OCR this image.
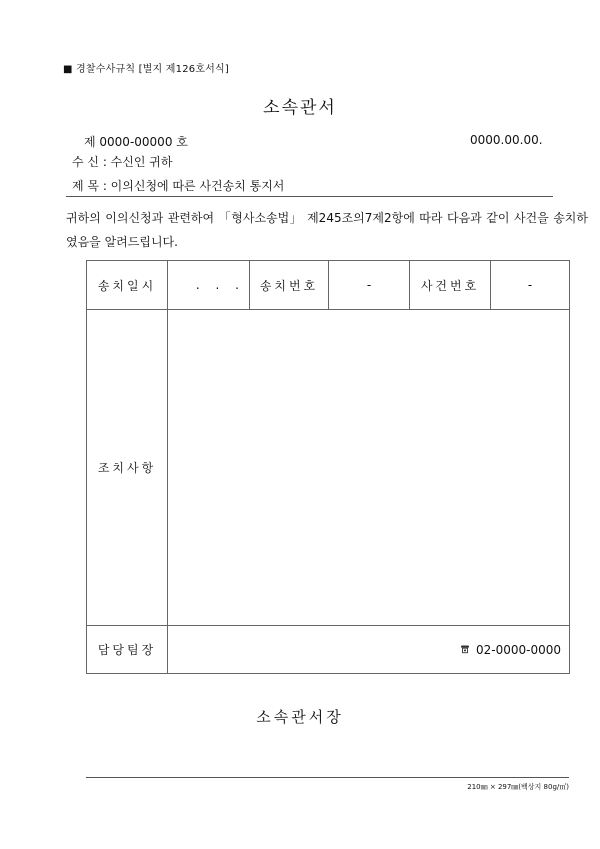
■ 경찰수사규칙 [별지 제126호서식]
소속관서
제 0000-00000 호	0000.00.00.
수 신 : 수신인 귀하
제 목 : 이의신청에 따른 사건송치 통지서
귀하의 이의신청과 관련하여 「형사소송법」 제245조의7제2항에 따라 다음과 같이 사건을 송치하였음을 알려드립니다.
송치일시	. . .	송치번호	-	사건번호	-
조치사항					
담당팀장	02-0000-0000				
소속관서장
210㎜ × 297㎜(백상지 80g/㎡)
